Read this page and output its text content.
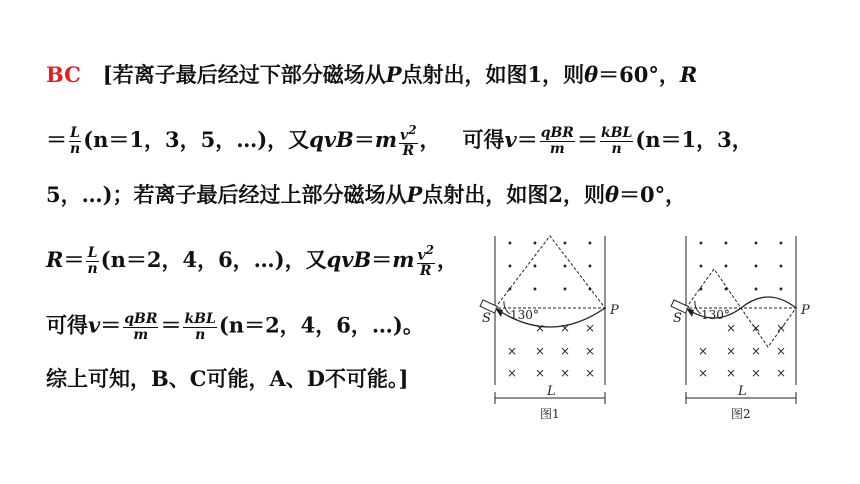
BC [若离子最后经过下部分磁场从P点射出，如图1，则θ＝60°，R
＝ $\frac{L}{n} (n=1$，3，5，…)，又$qvB=m \frac{v^2}{R}$ ， 可得$v= \frac{\text{qBR}}{m} = \frac{\text{kBL}}{n} (n=1$，3，
5，…)；若离子最后经过上部分磁场从P点射出，如图2，则θ＝0°，
$R= \frac{L}{n} (n=2$，4，6，…)，又$qvB=m \frac{v^2}{R}$ ，
可得$v= \frac{\text{qBR}}{m} = \frac{\text{kBL}}{n} (n=2$，4，6，…)。
综上可知，B、C可能，A、D不可能。]
• • • •
• • • •
• • • •
× × ×
× × × ×
× × × ×
S
P
L
130°
图1
• • • •
• • • •
• • • •
× × ×
× × × ×
× × × ×
S
P
L
130°
图2
